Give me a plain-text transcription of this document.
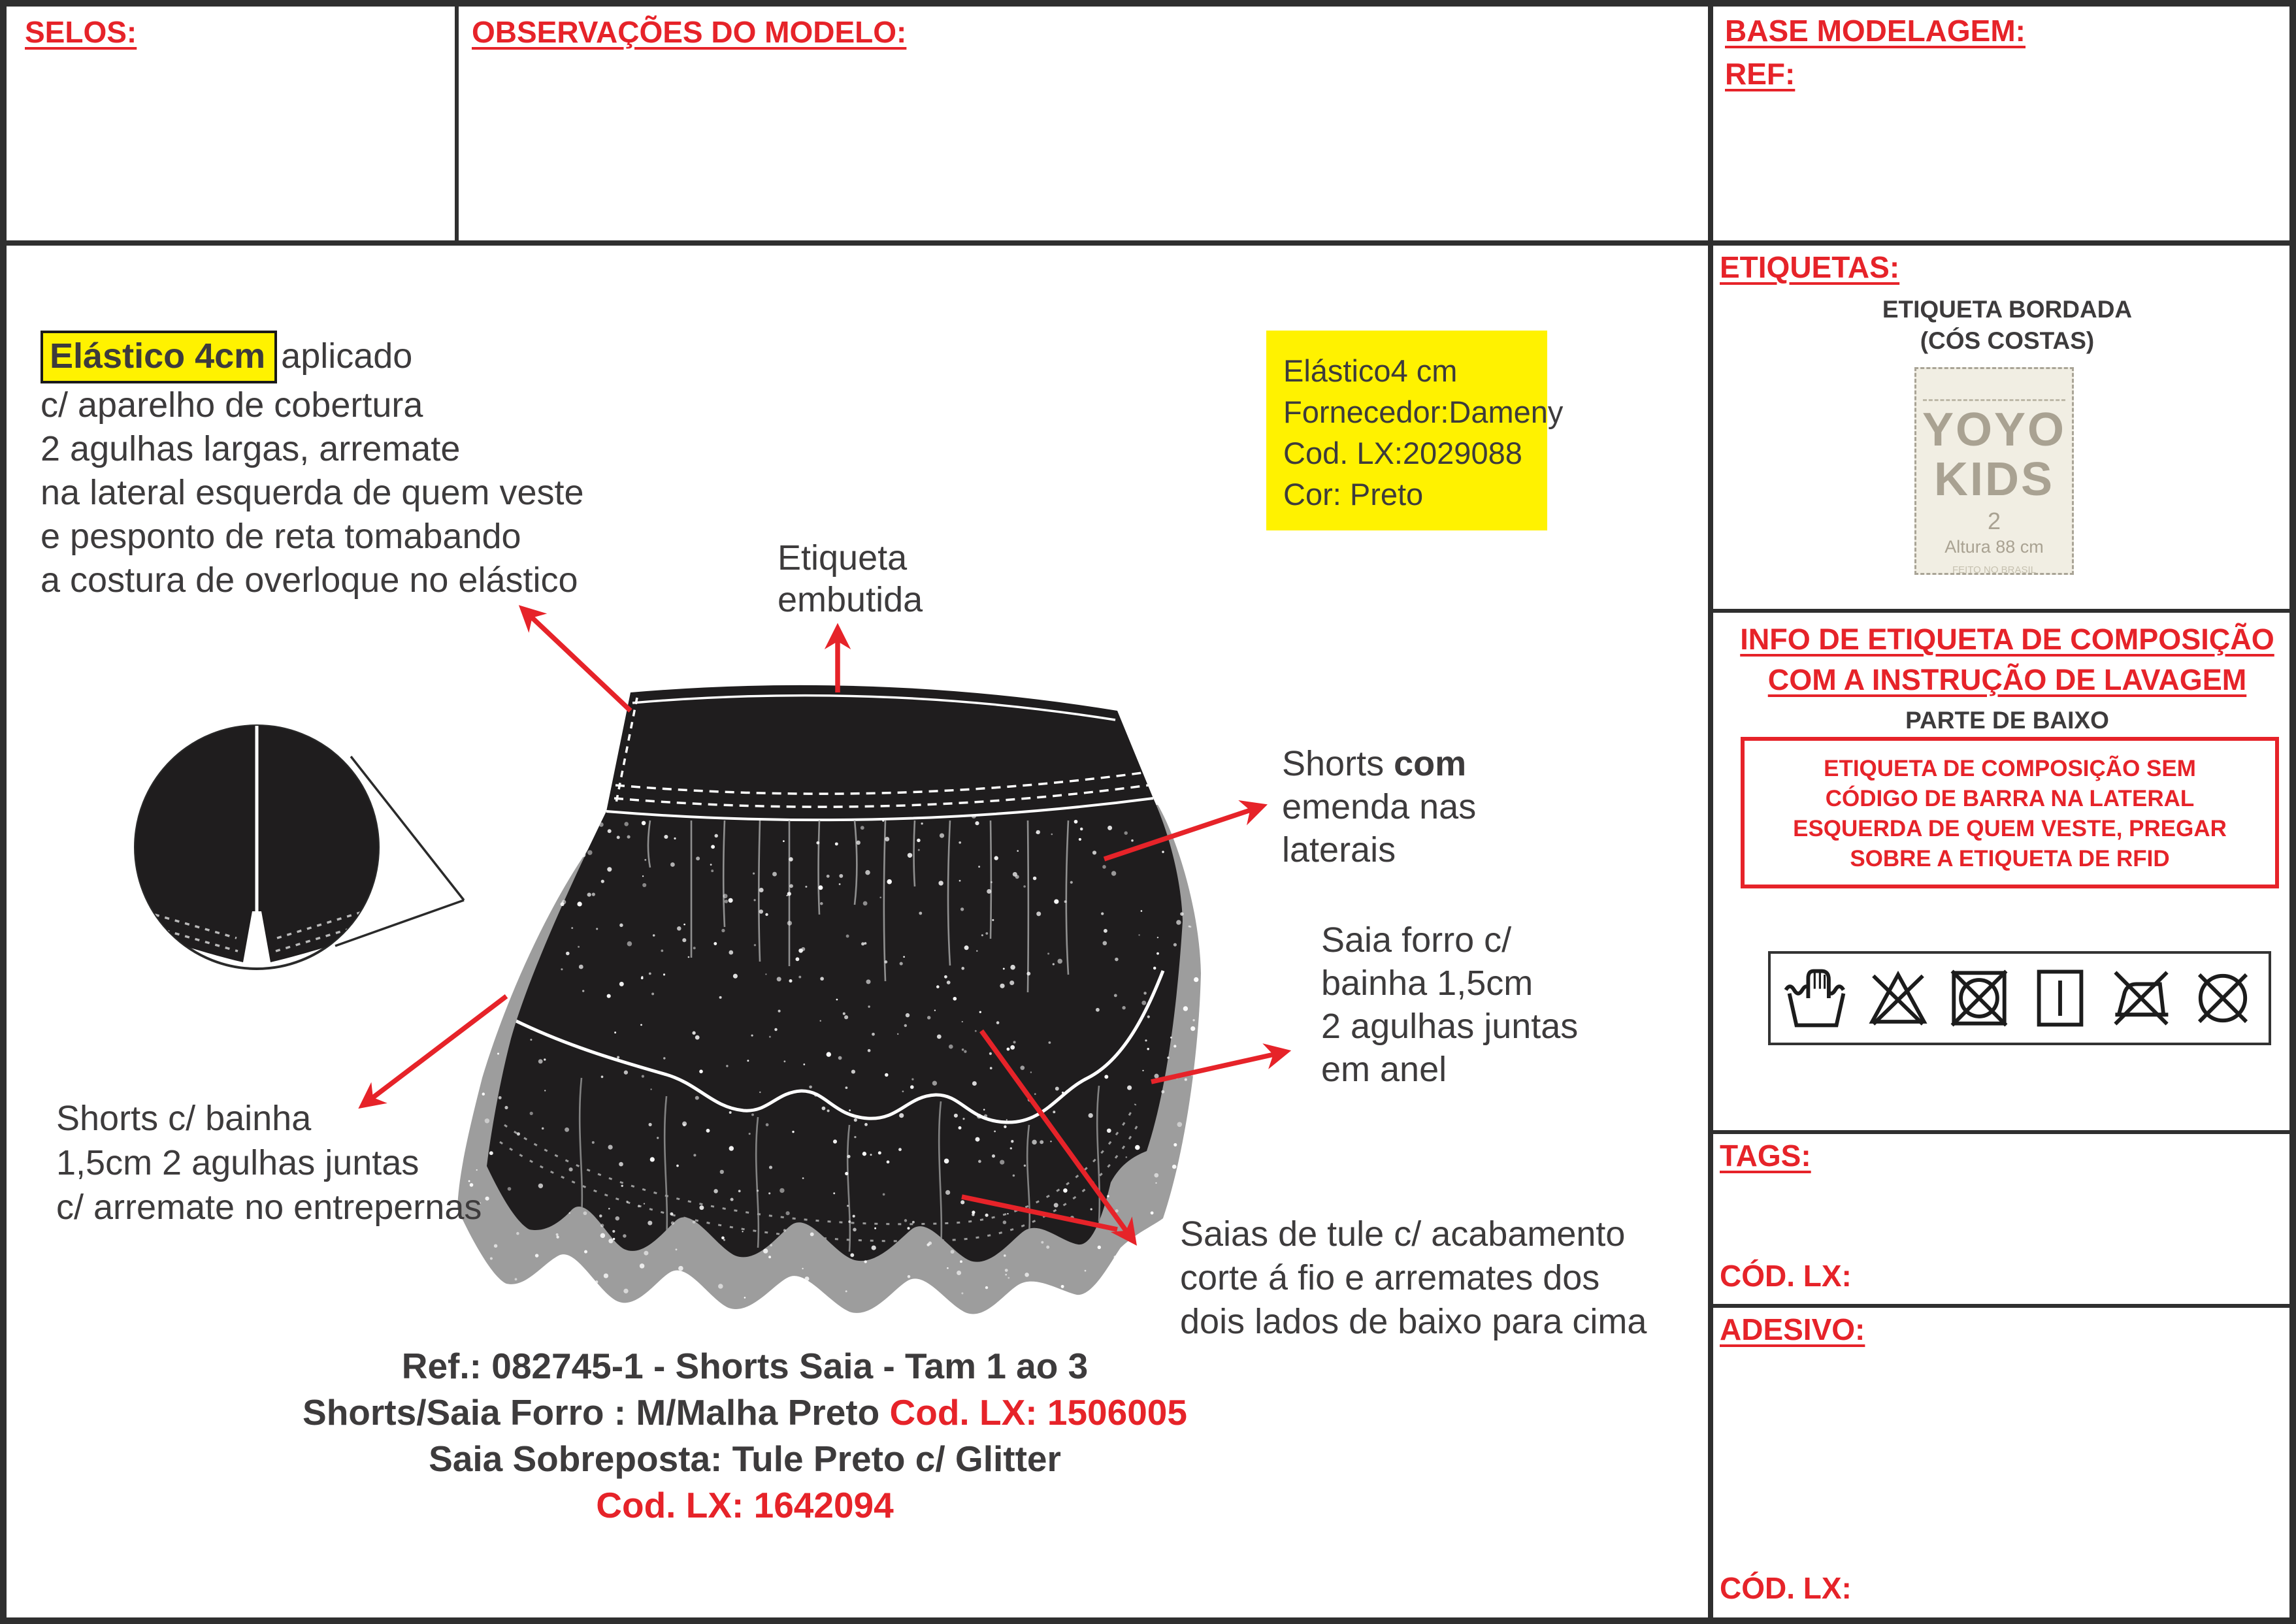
SELOS:	OBSERVAÇÕES DO MODELO:	BASE MODELAGEM:
REF:
Elástico 4cm aplicado
c/ aparelho de cobertura
2 agulhas largas, arremate
na lateral esquerda de quem veste
e pesponto de reta tomabando
a costura de overloque no elástico
Etiqueta
embutida
Elástico4 cm
Fornecedor:Dameny
Cod. LX:2029088
Cor: Preto
Shorts com
emenda nas
laterais
Saia forro c/
bainha 1,5cm
2 agulhas juntas
em anel
Shorts c/ bainha
1,5cm 2 agulhas juntas
c/ arremate no entrepernas
Saias de tule c/ acabamento
corte á fio e arremates dos
dois lados de baixo para cima
Ref.: 082745-1 - Shorts Saia - Tam 1 ao 3
Shorts/Saia Forro : M/Malha Preto Cod. LX: 1506005
Saia Sobreposta: Tule Preto c/ Glitter
Cod. LX: 1642094
ETIQUETAS:
ETIQUETA BORDADA
(CÓS COSTAS)
YOYO
KIDS
2
Altura 88 cm
FEITO NO BRASIL
INFO DE ETIQUETA DE COMPOSIÇÃO
COM A INSTRUÇÃO DE LAVAGEM
PARTE DE BAIXO
ETIQUETA DE COMPOSIÇÃO SEM
CÓDIGO DE BARRA NA LATERAL
ESQUERDA DE QUEM VESTE, PREGAR
SOBRE A ETIQUETA DE RFID
TAGS:
CÓD. LX:
ADESIVO:
CÓD. LX:
